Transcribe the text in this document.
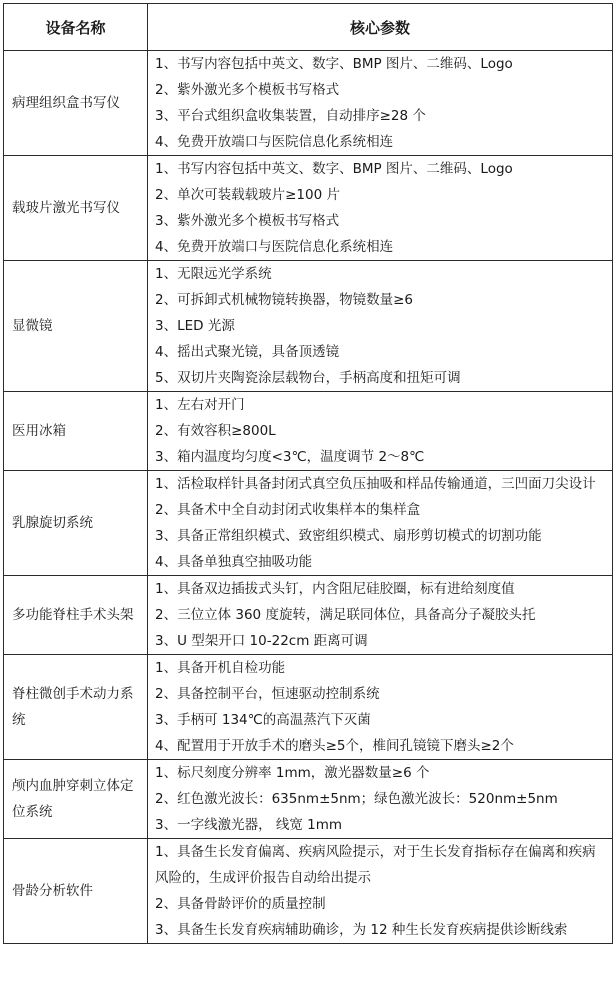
设备名称	核心参数
病理组织盒书写仪	1、书写内容包括中英文、数字、BMP 图片、二维码、Logo
2、紫外激光多个模板书写格式
3、平台式组织盒收集装置，自动排序≥28 个
4、免费开放端口与医院信息化系统相连

载玻片激光书写仪	1、书写内容包括中英文、数字、BMP 图片、二维码、Logo
2、单次可装载载玻片≥100 片
3、紫外激光多个模板书写格式
4、免费开放端口与医院信息化系统相连

显微镜	1、无限远光学系统
2、可拆卸式机械物镜转换器，物镜数量≥6
3、LED 光源
4、摇出式聚光镜，具备顶透镜
5、双切片夹陶瓷涂层载物台，手柄高度和扭矩可调

医用冰箱	1、左右对开门
2、有效容积≥800L
3、箱内温度均匀度<3℃，温度调节 2～8℃

乳腺旋切系统	1、活检取样针具备封闭式真空负压抽吸和样品传输通道，三凹面刀尖设计
2、具备术中全自动封闭式收集样本的集样盒
3、具备正常组织模式、致密组织模式、扇形剪切模式的切割功能
4、具备单独真空抽吸功能

多功能脊柱手术头架	1、具备双边插拔式头钉，内含阻尼硅胶圈，标有进给刻度值
2、三位立体 360 度旋转，满足联同体位，具备高分子凝胶头托
3、U 型架开口 10-22cm 距离可调

脊柱微创手术动力系统	1、具备开机自检功能
2、具备控制平台，恒速驱动控制系统
3、手柄可 134℃的高温蒸汽下灭菌
4、配置用于开放手术的磨头≥5个，椎间孔镜镜下磨头≥2个

颅内血肿穿刺立体定位系统	1、标尺刻度分辨率 1mm，激光器数量≥6 个
2、红色激光波长：635nm±5nm；绿色激光波长：520nm±5nm
3、一字线激光器， 线宽 1mm

骨龄分析软件	1、具备生长发育偏离、疾病风险提示，对于生长发育指标存在偏离和疾病风险的，生成评价报告自动给出提示
2、具备骨龄评价的质量控制
3、具备生长发育疾病辅助确诊，为 12 种生长发育疾病提供诊断线索
